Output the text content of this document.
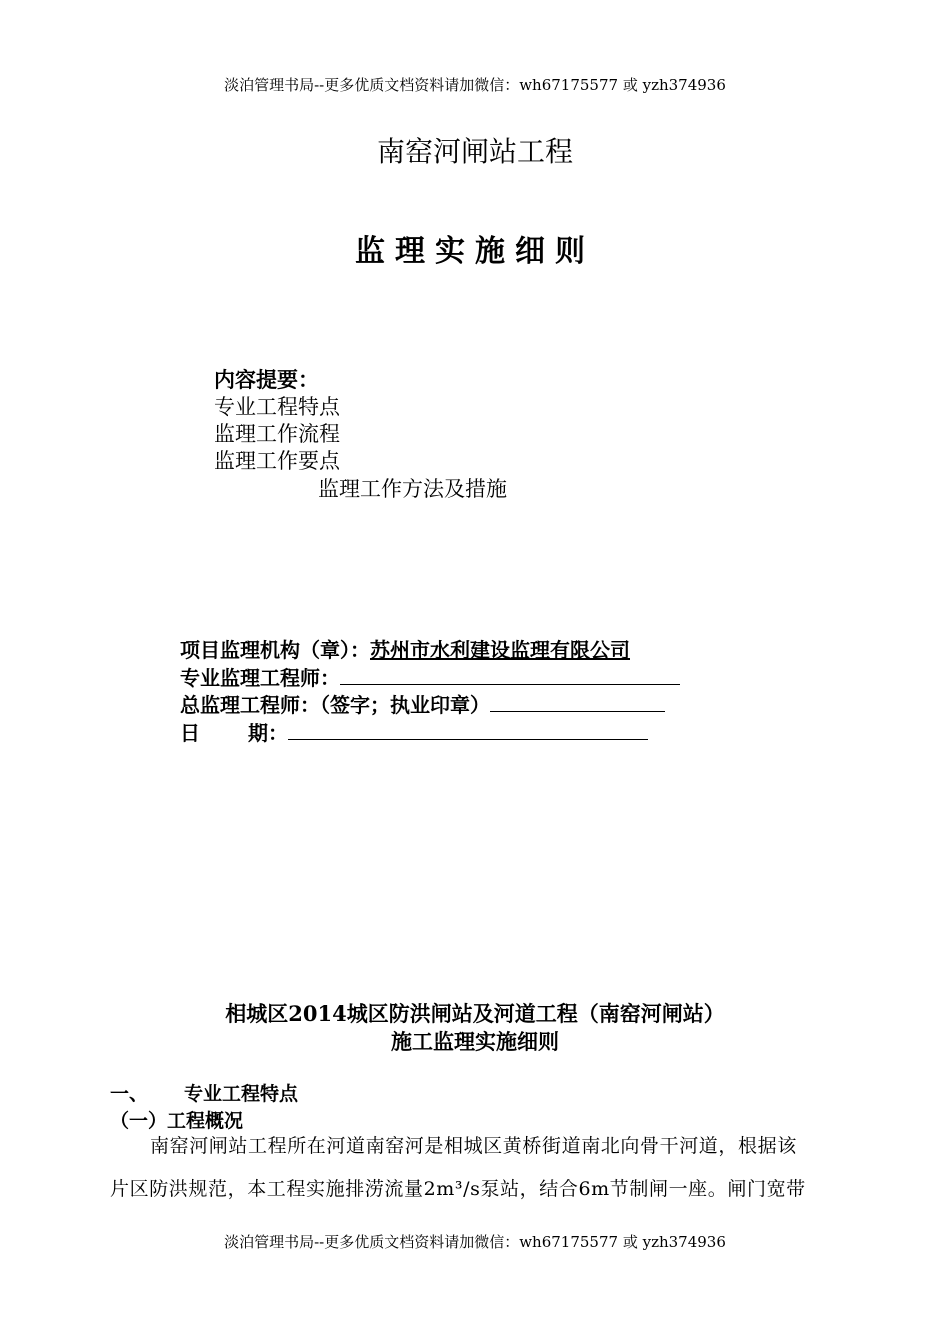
淡泊管理书局--更多优质文档资料请加微信：wh67175577 或 yzh374936
南窑河闸站工程
监理实施细则
内容提要：
专业工程特点
监理工作流程
监理工作要点
监理工作方法及措施
项目监理机构（章）：苏州市水利建设监理有限公司
专业监理工程师：
总监理工程师：（签字；执业印章）
日 期：
相城区2014城区防洪闸站及河道工程（南窑河闸站）
施工监理实施细则
一、 专业工程特点
（一）工程概况
南窑河闸站工程所在河道南窑河是相城区黄桥街道南北向骨干河道，根据该
片区防洪规范，本工程实施排涝流量2m³/s泵站，结合6m节制闸一座。闸门宽带
淡泊管理书局--更多优质文档资料请加微信：wh67175577 或 yzh374936
